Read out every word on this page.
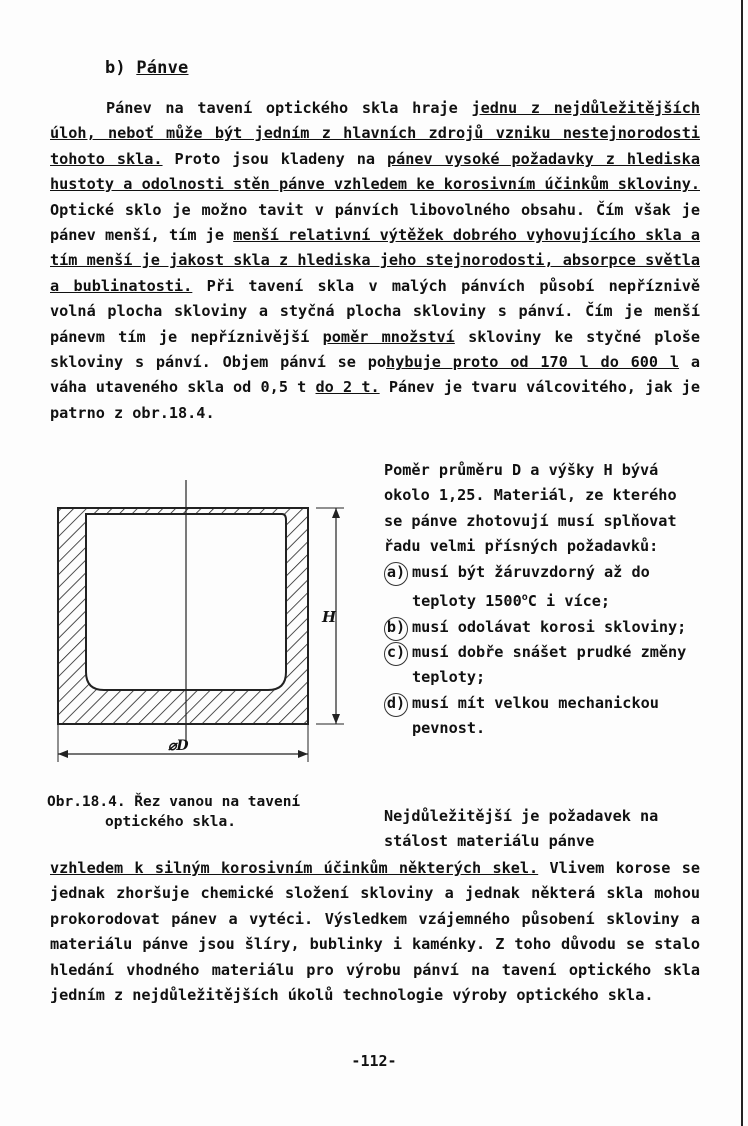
b) Pánve
Pánev na tavení optického skla hraje jednu z nejdůležitějších úloh, neboť může být jedním z hlavních zdrojů vzniku nestejnorodosti tohoto skla. Proto jsou kladeny na pánev vysoké požadavky z hlediska hustoty a odolnosti stěn pánve vzhledem ke korosivním účinkům skloviny. Optické sklo je možno tavit v pánvích libovolného obsahu. Čím však je pánev menší, tím je menší relativní výtěžek dobrého vyhovujícího skla a tím menší je jakost skla z hlediska jeho stejnorodosti, absorpce světla a bublinatosti. Při tavení skla v malých pánvích působí nepříznivě volná plocha skloviny a styčná plocha skloviny s pánví. Čím je menší pánevm tím je nepříznivější poměr množství skloviny ke styčné ploše skloviny s pánví. Objem pánví se pohybuje proto od 170 l do 600 l a váha utaveného skla od 0,5 t do 2 t. Pánev je tvaru válcovitého, jak je patrno z obr.18.4.
H
⌀D
Obr.18.4. Řez vanou na tavení
optického skla.

Poměr průměru D a výšky H bývá okolo 1,25. Materiál, ze kterého se pánve zhotovují musí splňovat řadu velmi přísných požadavků:

a) musí být žáruvzdorný až do teploty 1500$^o$C i více;

b) musí odolávat korosi skloviny;

c) musí dobře snášet prudké změny teploty;

d) musí mít velkou mechanickou pevnost.

Nejdůležitější je požadavek na stálost materiálu pánve
vzhledem k silným korosivním účinkům některých skel. Vlivem korose se jednak zhoršuje chemické složení skloviny a jednak některá skla mohou prokorodovat pánev a vytéci. Výsledkem vzájemného působení skloviny a materiálu pánve jsou šlíry, bublinky i kaménky. Z toho důvodu se stalo hledání vhodného materiálu pro výrobu pánví na tavení optického skla jedním z nejdůležitějších úkolů technologie výroby optického skla.
-112-
